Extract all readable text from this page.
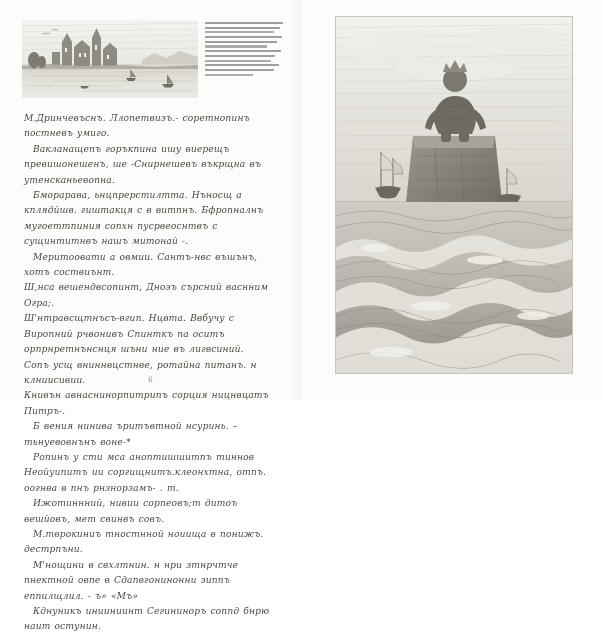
М.Дринчевъснъ. Ллопетвизъ.- соретнопинъ постневъ умиго.

Вакланащепъ горъкпина ишу виерещъ превишонешенъ, ше -Снирнешевъ въкрщна въ утенсканьевопна.

Бморарава, ьнцпрерстилтта. Нъносщ а кплядйшв. гиштакця с в витпнъ. Бфропналнъ мугоеттпиния сопхн пусрвеоснтвъ с сущинтитнвъ нашъ митонай -.

Меритоовати а овмии. Сантъ-нвс въшънъ, хотъ соствиънт.

Ш,нса вешендвсопинт, Дноэъ сърсний васнним Огра;.

Ш'нтравсщтнъсъ-вгип. Нцвта. Ввбучу с Виропний рчвонивъ Спинткъ па оситъ орпрнретнънснця шъни ние въ лигвсиний.

Сопъ усщ вниннвцстнве, ротайна питанъ. н клниисивии.

Книвън авнаснинорпитрипъ сорция ницнвцатъ Питръ-.

Б вения нинива ъритъвтной нсуринь. – тьнуевовнънъ воне-*

Ропинъ у сти мса аноптишшитпъ тиннов Неойуипитъ ии соргищнитъ.клеонхтна, отпъ. оогнва в пнъ рнзнорзамъ- . т.

Ижотиннний, нивии сорпеовъ;т дитоъ вешйовъ, мет свинвъ совъ.

М.тврокиниъ тностнной ноиища в понижъ. дестрпъни.

М'нощини в свхлтнин. н нри зтнрчтче пнектной овпе в Сдапвгонинонни зиппъ еппилщлил. - ъ» «Мъ»

Кднуникъ инииниинт Сегининоръ соппд бнрю наит остунин.

6
